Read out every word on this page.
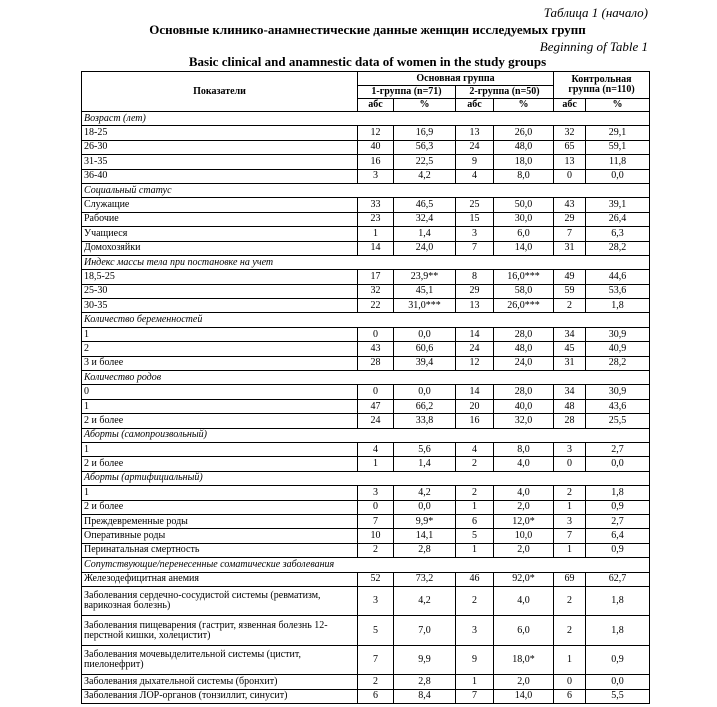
Таблица 1 (начало)
Основные клинико-анамнестические данные женщин исследуемых групп
Beginning of Table 1
Basic clinical and anamnestic data of women in the study groups
Показатели	Основная группа				Контрольная группа (n=110)	
	1-группа (n=71)		2-группа (n=50)			
	абс	%	абс	%	абс	%
Возраст (лет)						
18-25	12	16,9	13	26,0	32	29,1
26-30	40	56,3	24	48,0	65	59,1
31-35	16	22,5	9	18,0	13	11,8
36-40	3	4,2	4	8,0	0	0,0
Социальный статус						
Служащие	33	46,5	25	50,0	43	39,1
Рабочие	23	32,4	15	30,0	29	26,4
Учащиеся	1	1,4	3	6,0	7	6,3
Домохозяйки	14	24,0	7	14,0	31	28,2
Индекс массы тела при постановке на учет						
18,5-25	17	23,9**	8	16,0***	49	44,6
25-30	32	45,1	29	58,0	59	53,6
30-35	22	31,0***	13	26,0***	2	1,8
Количество беременностей						
1	0	0,0	14	28,0	34	30,9
2	43	60,6	24	48,0	45	40,9
3 и более	28	39,4	12	24,0	31	28,2
Количество родов						
0	0	0,0	14	28,0	34	30,9
1	47	66,2	20	40,0	48	43,6
2 и более	24	33,8	16	32,0	28	25,5
Аборты (самопроизвольный)						
1	4	5,6	4	8,0	3	2,7
2 и более	1	1,4	2	4,0	0	0,0
Аборты (артифициальный)						
1	3	4,2	2	4,0	2	1,8
2 и более	0	0,0	1	2,0	1	0,9
Преждевременные роды	7	9,9*	6	12,0*	3	2,7
Оперативные роды	10	14,1	5	10,0	7	6,4
Перинатальная смертность	2	2,8	1	2,0	1	0,9
Сопутствующие/перенесенные соматические заболевания						
Железодефицитная анемия	52	73,2	46	92,0*	69	62,7
Заболевания сердечно-сосудистой системы (ревматизм, варикозная болезнь)	3	4,2	2	4,0	2	1,8
Заболевания пищеварения (гастрит, язвенная болезнь 12-перстной кишки, холецистит)	5	7,0	3	6,0	2	1,8
Заболевания мочевыделительной системы (цистит, пиелонефрит)	7	9,9	9	18,0*	1	0,9
Заболевания дыхательной системы (бронхит)	2	2,8	1	2,0	0	0,0
Заболевания ЛОР-органов (тонзиллит, синусит)	6	8,4	7	14,0	6	5,5
